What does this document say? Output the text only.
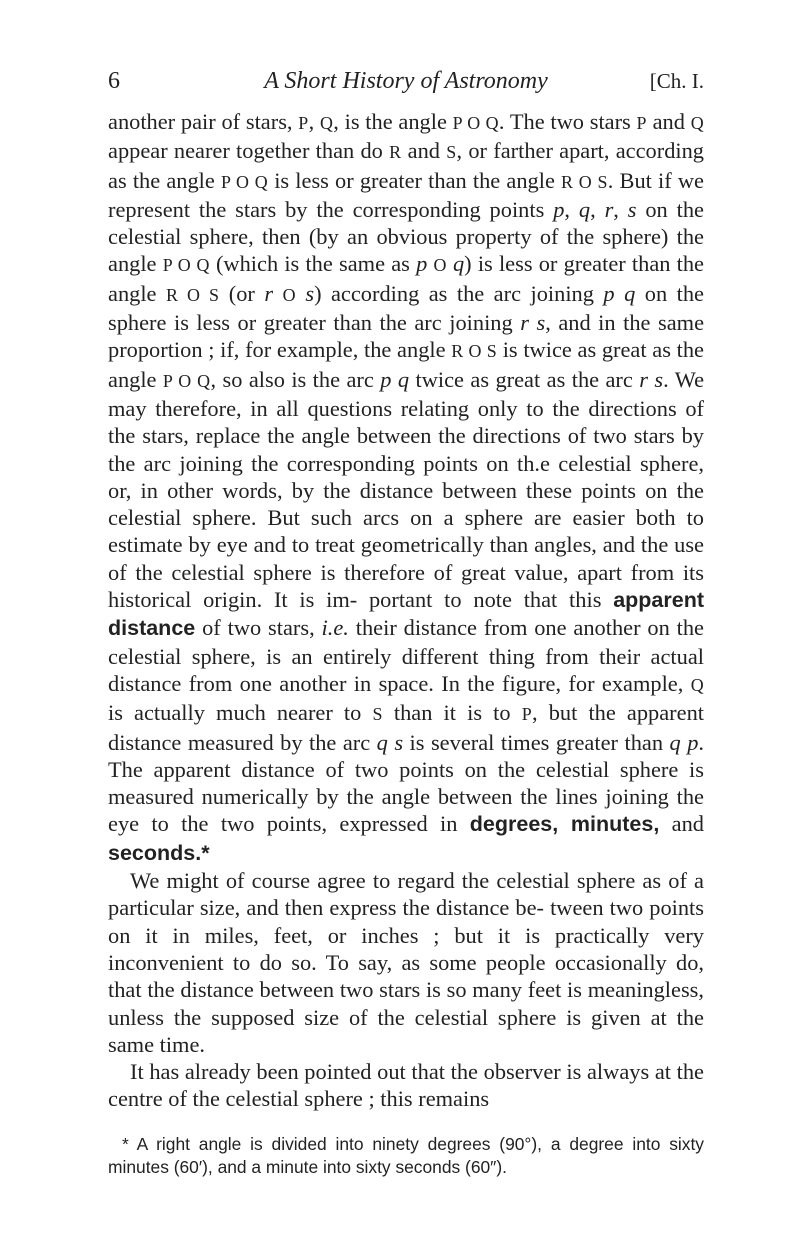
6	A Short History of Astronomy	[Ch. I.

another pair of stars, P, Q, is the angle P O Q. The two stars P and Q appear nearer together than do R and S, or farther apart, according as the angle P O Q is less or greater than the angle R O S. But if we represent the stars by the corresponding points p, q, r, s on the celestial sphere, then (by an obvious property of the sphere) the angle P O Q (which is the same as p O q) is less or greater than the angle R O S (or r O s) according as the arc joining p q on the sphere is less or greater than the arc joining r s, and in the same proportion ; if, for example, the angle R O S is twice as great as the angle P O Q, so also is the arc p q twice as great as the arc r s. We may therefore, in all questions relating only to the directions of the stars, replace the angle between the directions of two stars by the arc joining the corresponding points on th.e celestial sphere, or, in other words, by the distance between these points on the celestial sphere. But such arcs on a sphere are easier both to estimate by eye and to treat geometrically than angles, and the use of the celestial sphere is therefore of great value, apart from its historical origin. It is im- portant to note that this apparent distance of two stars, i.e. their distance from one another on the celestial sphere, is an entirely different thing from their actual distance from one another in space. In the figure, for example, Q is actually much nearer to S than it is to P, but the apparent distance measured by the arc q s is several times greater than q p. The apparent distance of two points on the celestial sphere is measured numerically by the angle between the lines joining the eye to the two points, expressed in degrees, minutes, and seconds.*

We might of course agree to regard the celestial sphere as of a particular size, and then express the distance be- tween two points on it in miles, feet, or inches ; but it is practically very inconvenient to do so. To say, as some people occasionally do, that the distance between two stars is so many feet is meaningless, unless the supposed size of the celestial sphere is given at the same time.

It has already been pointed out that the observer is always at the centre of the celestial sphere ; this remains

* A right angle is divided into ninety degrees (90°), a degree into sixty minutes (60′), and a minute into sixty seconds (60″).
